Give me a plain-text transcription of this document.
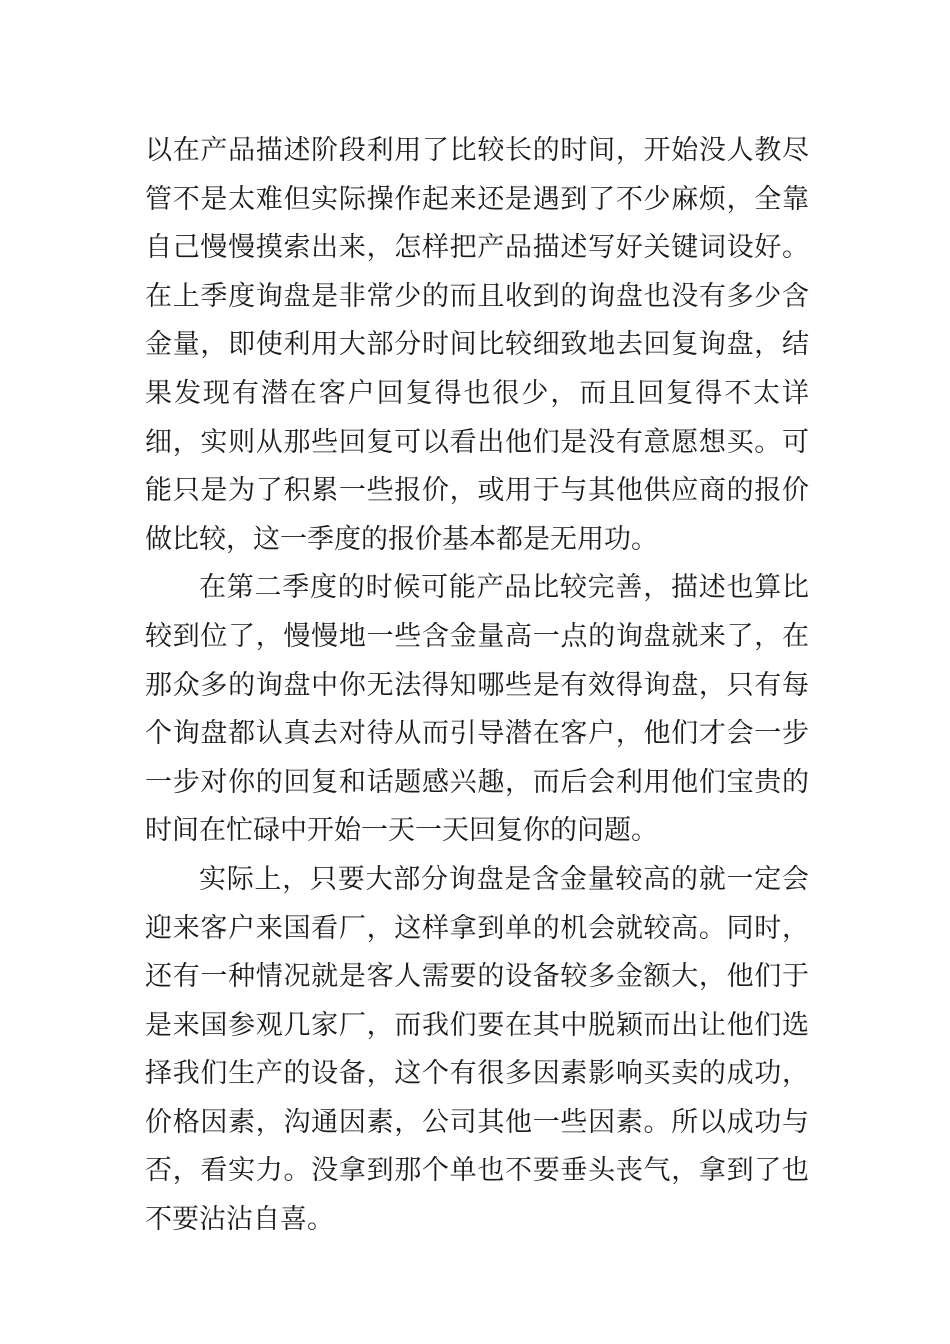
以在产品描述阶段利用了比较长的时间，开始没人教尽管不是太难但实际操作起来还是遇到了不少麻烦，全靠自己慢慢摸索出来，怎样把产品描述写好关键词设好。在上季度询盘是非常少的而且收到的询盘也没有多少含金量，即使利用大部分时间比较细致地去回复询盘，结果发现有潜在客户回复得也很少，而且回复得不太详细，实则从那些回复可以看出他们是没有意愿想买。可能只是为了积累一些报价，或用于与其他供应商的报价做比较，这一季度的报价基本都是无用功。

在第二季度的时候可能产品比较完善，描述也算比较到位了，慢慢地一些含金量高一点的询盘就来了，在那众多的询盘中你无法得知哪些是有效得询盘，只有每个询盘都认真去对待从而引导潜在客户，他们才会一步一步对你的回复和话题感兴趣，而后会利用他们宝贵的时间在忙碌中开始一天一天回复你的问题。

实际上，只要大部分询盘是含金量较高的就一定会迎来客户来国看厂，这样拿到单的机会就较高。同时，还有一种情况就是客人需要的设备较多金额大，他们于是来国参观几家厂，而我们要在其中脱颖而出让他们选择我们生产的设备，这个有很多因素影响买卖的成功，价格因素，沟通因素，公司其他一些因素。所以成功与否，看实力。没拿到那个单也不要垂头丧气，拿到了也不要沾沾自喜。
